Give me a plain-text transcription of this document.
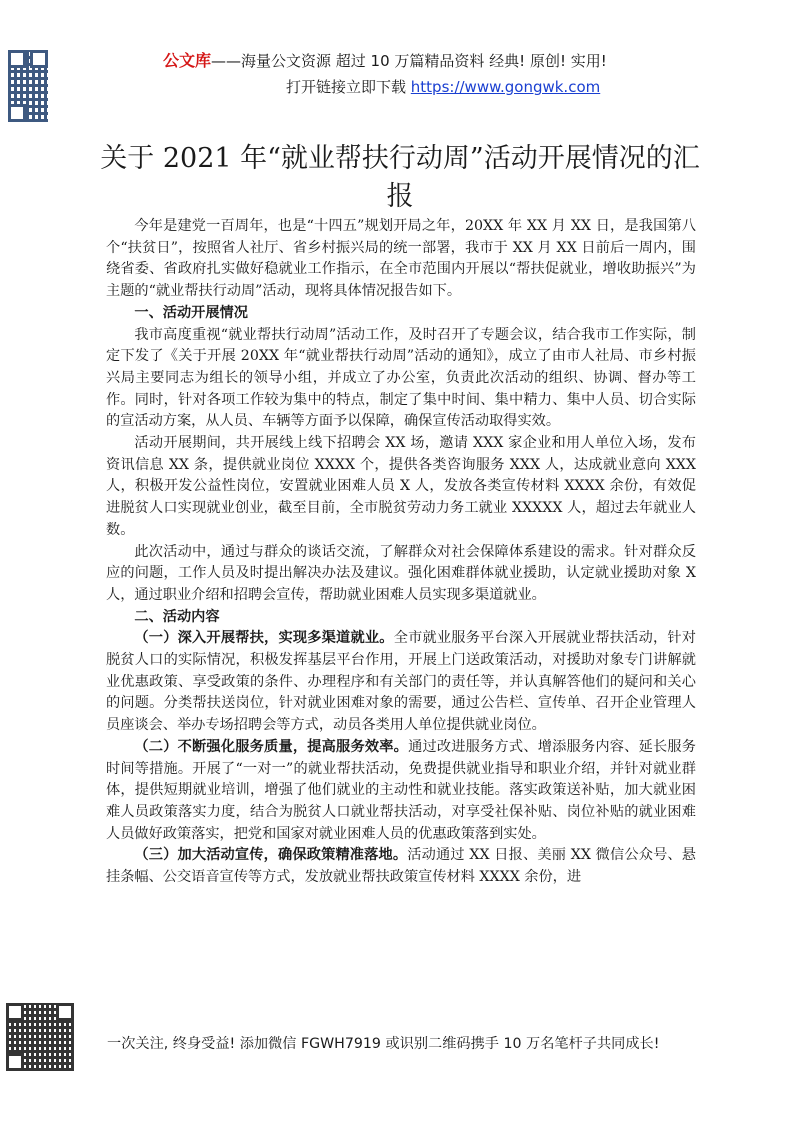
公文库——海量公文资源 超过 10 万篇精品资料 经典! 原创! 实用!
打开链接立即下载 https://www.gongwk.com
关于 2021 年“就业帮扶行动周”活动开展情况的汇报

今年是建党一百周年，也是“十四五”规划开局之年，20XX 年 XX 月 XX 日，是我国第八个“扶贫日”，按照省人社厅、省乡村振兴局的统一部署，我市于 XX 月 XX 日前后一周内，围绕省委、省政府扎实做好稳就业工作指示，在全市范围内开展以“帮扶促就业，增收助振兴”为主题的“就业帮扶行动周”活动，现将具体情况报告如下。

一、活动开展情况

我市高度重视“就业帮扶行动周”活动工作，及时召开了专题会议，结合我市工作实际，制定下发了《关于开展 20XX 年“就业帮扶行动周”活动的通知》，成立了由市人社局、市乡村振兴局主要同志为组长的领导小组，并成立了办公室，负责此次活动的组织、协调、督办等工作。同时，针对各项工作较为集中的特点，制定了集中时间、集中精力、集中人员、切合实际的宣活动方案，从人员、车辆等方面予以保障，确保宣传活动取得实效。

活动开展期间，共开展线上线下招聘会 XX 场，邀请 XXX 家企业和用人单位入场，发布资讯信息 XX 条，提供就业岗位 XXXX 个，提供各类咨询服务 XXX 人，达成就业意向 XXX 人，积极开发公益性岗位，安置就业困难人员 X 人，发放各类宣传材料 XXXX 余份，有效促进脱贫人口实现就业创业，截至目前，全市脱贫劳动力务工就业 XXXXX 人，超过去年就业人数。

此次活动中，通过与群众的谈话交流，了解群众对社会保障体系建设的需求。针对群众反应的问题，工作人员及时提出解决办法及建议。强化困难群体就业援助，认定就业援助对象 X 人，通过职业介绍和招聘会宣传，帮助就业困难人员实现多渠道就业。

二、活动内容

（一）深入开展帮扶，实现多渠道就业。全市就业服务平台深入开展就业帮扶活动，针对脱贫人口的实际情况，积极发挥基层平台作用，开展上门送政策活动，对援助对象专门讲解就业优惠政策、享受政策的条件、办理程序和有关部门的责任等，并认真解答他们的疑问和关心的问题。分类帮扶送岗位，针对就业困难对象的需要，通过公告栏、宣传单、召开企业管理人员座谈会、举办专场招聘会等方式，动员各类用人单位提供就业岗位。

（二）不断强化服务质量，提高服务效率。通过改进服务方式、增添服务内容、延长服务时间等措施。开展了“一对一”的就业帮扶活动，免费提供就业指导和职业介绍，并针对就业群体，提供短期就业培训，增强了他们就业的主动性和就业技能。落实政策送补贴，加大就业困难人员政策落实力度，结合为脱贫人口就业帮扶活动，对享受社保补贴、岗位补贴的就业困难人员做好政策落实，把党和国家对就业困难人员的优惠政策落到实处。

（三）加大活动宣传，确保政策精准落地。活动通过 XX 日报、美丽 XX 微信公众号、悬挂条幅、公交语音宣传等方式，发放就业帮扶政策宣传材料 XXXX 余份，进

一次关注, 终身受益! 添加微信 FGWH7919 或识别二维码携手 10 万名笔杆子共同成长!
